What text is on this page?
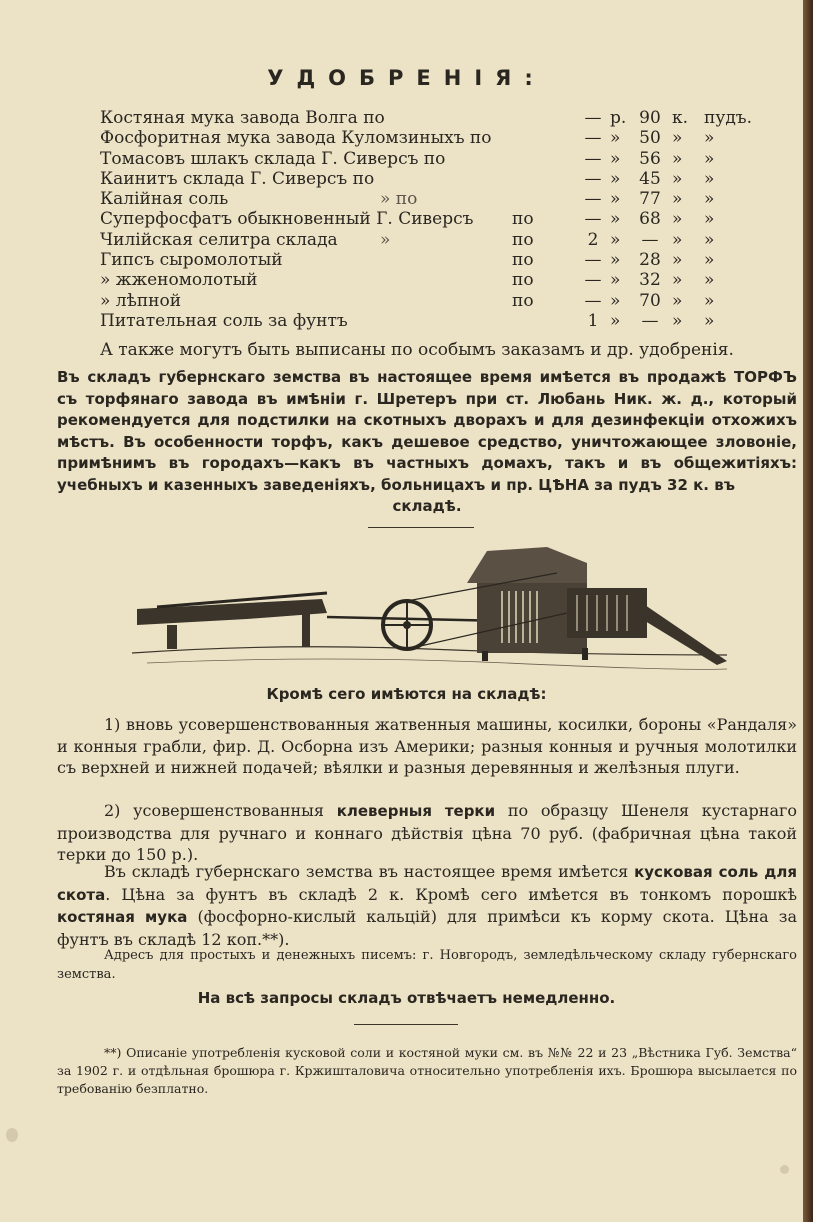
УДОБРЕНІЯ:
Костяная мука завода Волга по	— р. 90 к. пудъ.
Фосфоритная мука завода Куломзиныхъ по	— »	50 » »
Томасовъ шлакъ склада Г. Сиверсъ по	— »	56 » »
Каинитъ склада Г. Сиверсъ по	— »	45 » »
Калійная соль	» по	— »	77 » »
Суперфосфатъ обыкновенный Г. Сиверсъ по	— »	68 » »
Чилійская селитра склада »	по	2 »	— » »
Гипсъ сыромолотый	по	— »	28 » »
» жженомолотый	по	— »	32 » »
» лѣпной	по	— »	70 » »
Питательная соль за фунтъ	1 »	— » »
А также могутъ быть выписаны по особымъ заказамъ и др. удобренія.

Въ складъ губернскаго земства въ настоящее время имѣется въ продажѣ ТОРФЪ съ торфянаго завода въ имѣніи г. Шретеръ при ст. Любань Ник. ж. д., который рекомендуется для подстилки на скотныхъ дворахъ и для дезинфекціи отхожихъ мѣстъ. Въ особенности торфъ, какъ дешевое средство, уничтожающее зловоніе, примѣнимъ въ городахъ—какъ въ частныхъ домахъ, такъ и въ общежитіяхъ: учебныхъ и казенныхъ заведеніяхъ, больницахъ и пр. ЦѢНА за пудъ 32 к. въ

складѣ.

Кромѣ сего имѣются на складѣ:

1) вновь усовершенствованныя жатвенныя машины, косилки, бороны «Рандаля» и конныя грабли, фир. Д. Осборна изъ Америки; разныя конныя и ручныя молотилки съ верхней и нижней подачей; вѣялки и разныя деревянныя и желѣзныя плуги.

2) усовершенствованныя клеверныя терки по образцу Шенеля кустарнаго производства для ручнаго и коннаго дѣйствія цѣна 70 руб. (фабричная цѣна такой терки до 150 р.).

Въ складѣ губернскаго земства въ настоящее время имѣется кусковая соль для скота. Цѣна за фунтъ въ складѣ 2 к. Кромѣ сего имѣется въ тонкомъ порошкѣ костяная мука (фосфорно-кислый кальцій) для примѣси къ корму скота. Цѣна за фунтъ въ складѣ 12 коп.**).

Адресъ для простыхъ и денежныхъ писемъ: г. Новгородъ, земледѣльческому складу губернскаго земства.

На всѣ запросы складъ отвѣчаетъ немедленно.

**) Описаніе употребленія кусковой соли и костяной муки см. въ №№ 22 и 23 „Вѣстника Губ. Земства“ за 1902 г. и отдѣльная брошюра г. Кржишталовича относительно употребленія ихъ. Брошюра высылается по требованію безплатно.
